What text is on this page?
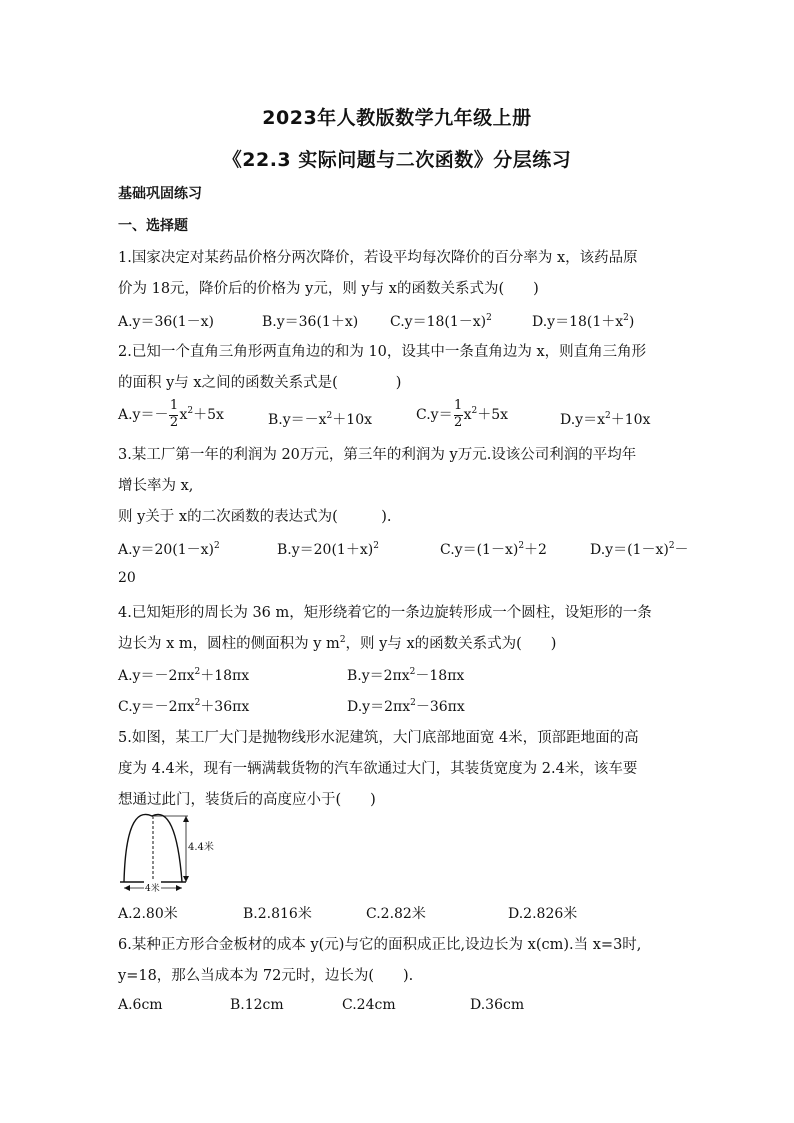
2023年人教版数学九年级上册
《22.3 实际问题与二次函数》分层练习
基础巩固练习
一、选择题
1.国家决定对某药品价格分两次降价，若设平均每次降价的百分率为 x，该药品原
价为 18元，降价后的价格为 y元，则 y与 x的函数关系式为(　　)
A.y＝36(1－x)	B.y＝36(1＋x) $C.y=18(1-x)^2$	$D.y=18(1+x^2)$
2.已知一个直角三角形两直角边的和为 10，设其中一条直角边为 x，则直角三角形
的面积 y与 x之间的函数关系式是(　　　　)
$A.y=- \frac{1}{2} x^2+5x$	$B.y=-x^2+10x$	$C.y= \frac{1}{2} x^2+5x$	$D.y=x^2+10x$
3.某工厂第一年的利润为 20万元，第三年的利润为 y万元.设该公司利润的平均年
增长率为 x,
则 y关于 x的二次函数的表达式为(　　　).
$A.y=20(1-x)^2$	$B.y=20(1+x)^2$	$C.y=(1-x)^2+2$	$D.y=(1-x)^2-$
20
4.已知矩形的周长为 36 m，矩形绕着它的一条边旋转形成一个圆柱，设矩形的一条
边长为 x m，圆柱的侧面积为 y $m^2$，则 y与 x的函数关系式为(　　)
$A.y=-2\pi x^2+18\pi x$	$B.y=2\pi x^2-18\pi x$
$C.y=-2\pi x^2+36\pi x$	$D.y=2\pi x^2-36\pi x$
5.如图，某工厂大门是抛物线形水泥建筑，大门底部地面宽 4米，顶部距地面的高
度为 4.4米，现有一辆满载货物的汽车欲通过大门，其装货宽度为 2.4米，该车要
想通过此门，装货后的高度应小于(　　)
4.4米
4米
A.2.80米	B.2.816米	C.2.82米	D.2.826米
6.某种正方形合金板材的成本 y(元)与它的面积成正比,设边长为 x(cm).当 x=3时,
y=18，那么当成本为 72元时，边长为(　　).
A.6cm	B.12cm	C.24cm	D.36cm
